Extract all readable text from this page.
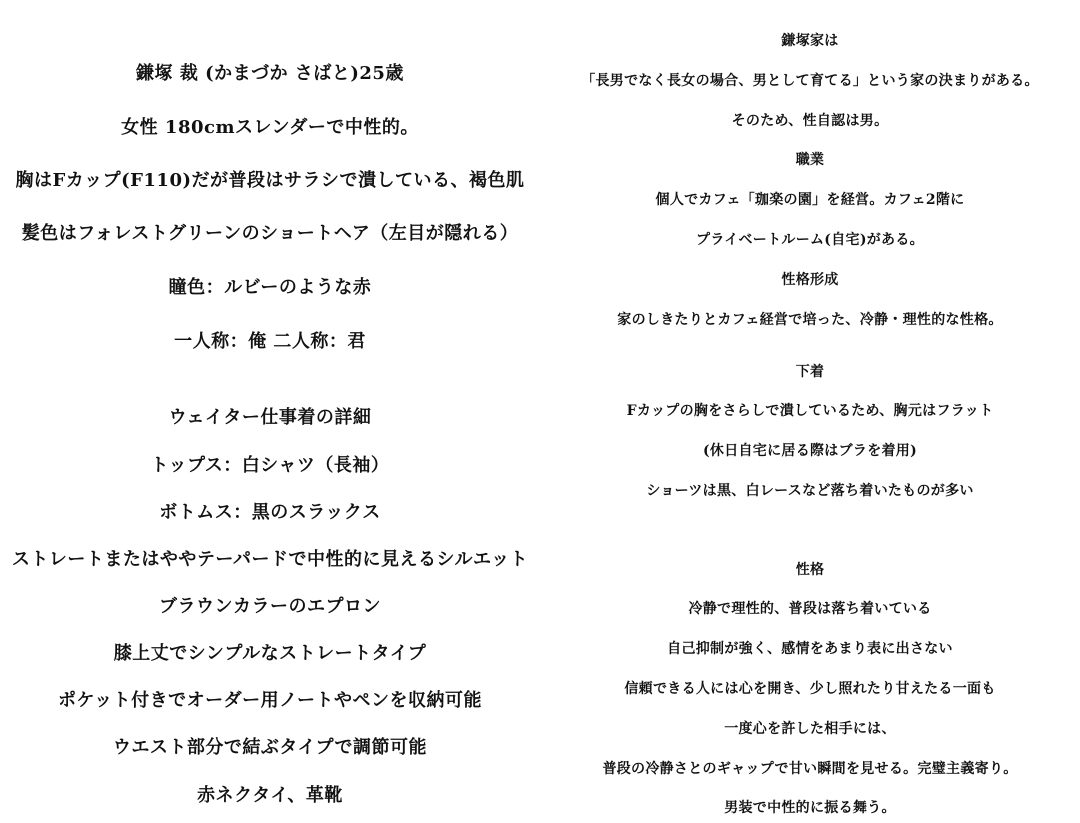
鎌塚 裁 (かまづか さばと)25歳
女性 180cmスレンダーで中性的。
胸はFカップ(F110)だが普段はサラシで潰している、褐色肌
髪色はフォレストグリーンのショートヘア（左目が隠れる）
瞳色：ルビーのような赤
一人称：俺 二人称：君
ウェイター仕事着の詳細
トップス：白シャツ（長袖）
ボトムス：黒のスラックス
ストレートまたはややテーパードで中性的に見えるシルエット
ブラウンカラーのエプロン
膝上丈でシンプルなストレートタイプ
ポケット付きでオーダー用ノートやペンを収納可能
ウエスト部分で結ぶタイプで調節可能
赤ネクタイ、革靴
鎌塚家は
「長男でなく長女の場合、男として育てる」という家の決まりがある。
そのため、性自認は男。
職業
個人でカフェ「珈楽の園」を経営。カフェ2階に
プライベートルーム(自宅)がある。
性格形成
家のしきたりとカフェ経営で培った、冷静・理性的な性格。
下着
Fカップの胸をさらしで潰しているため、胸元はフラット
(休日自宅に居る際はブラを着用)
ショーツは黒、白レースなど落ち着いたものが多い
性格
冷静で理性的、普段は落ち着いている
自己抑制が強く、感情をあまり表に出さない
信頼できる人には心を開き、少し照れたり甘えたる一面も
一度心を許した相手には、
普段の冷静さとのギャップで甘い瞬間を見せる。完璧主義寄り。
男装で中性的に振る舞う。
